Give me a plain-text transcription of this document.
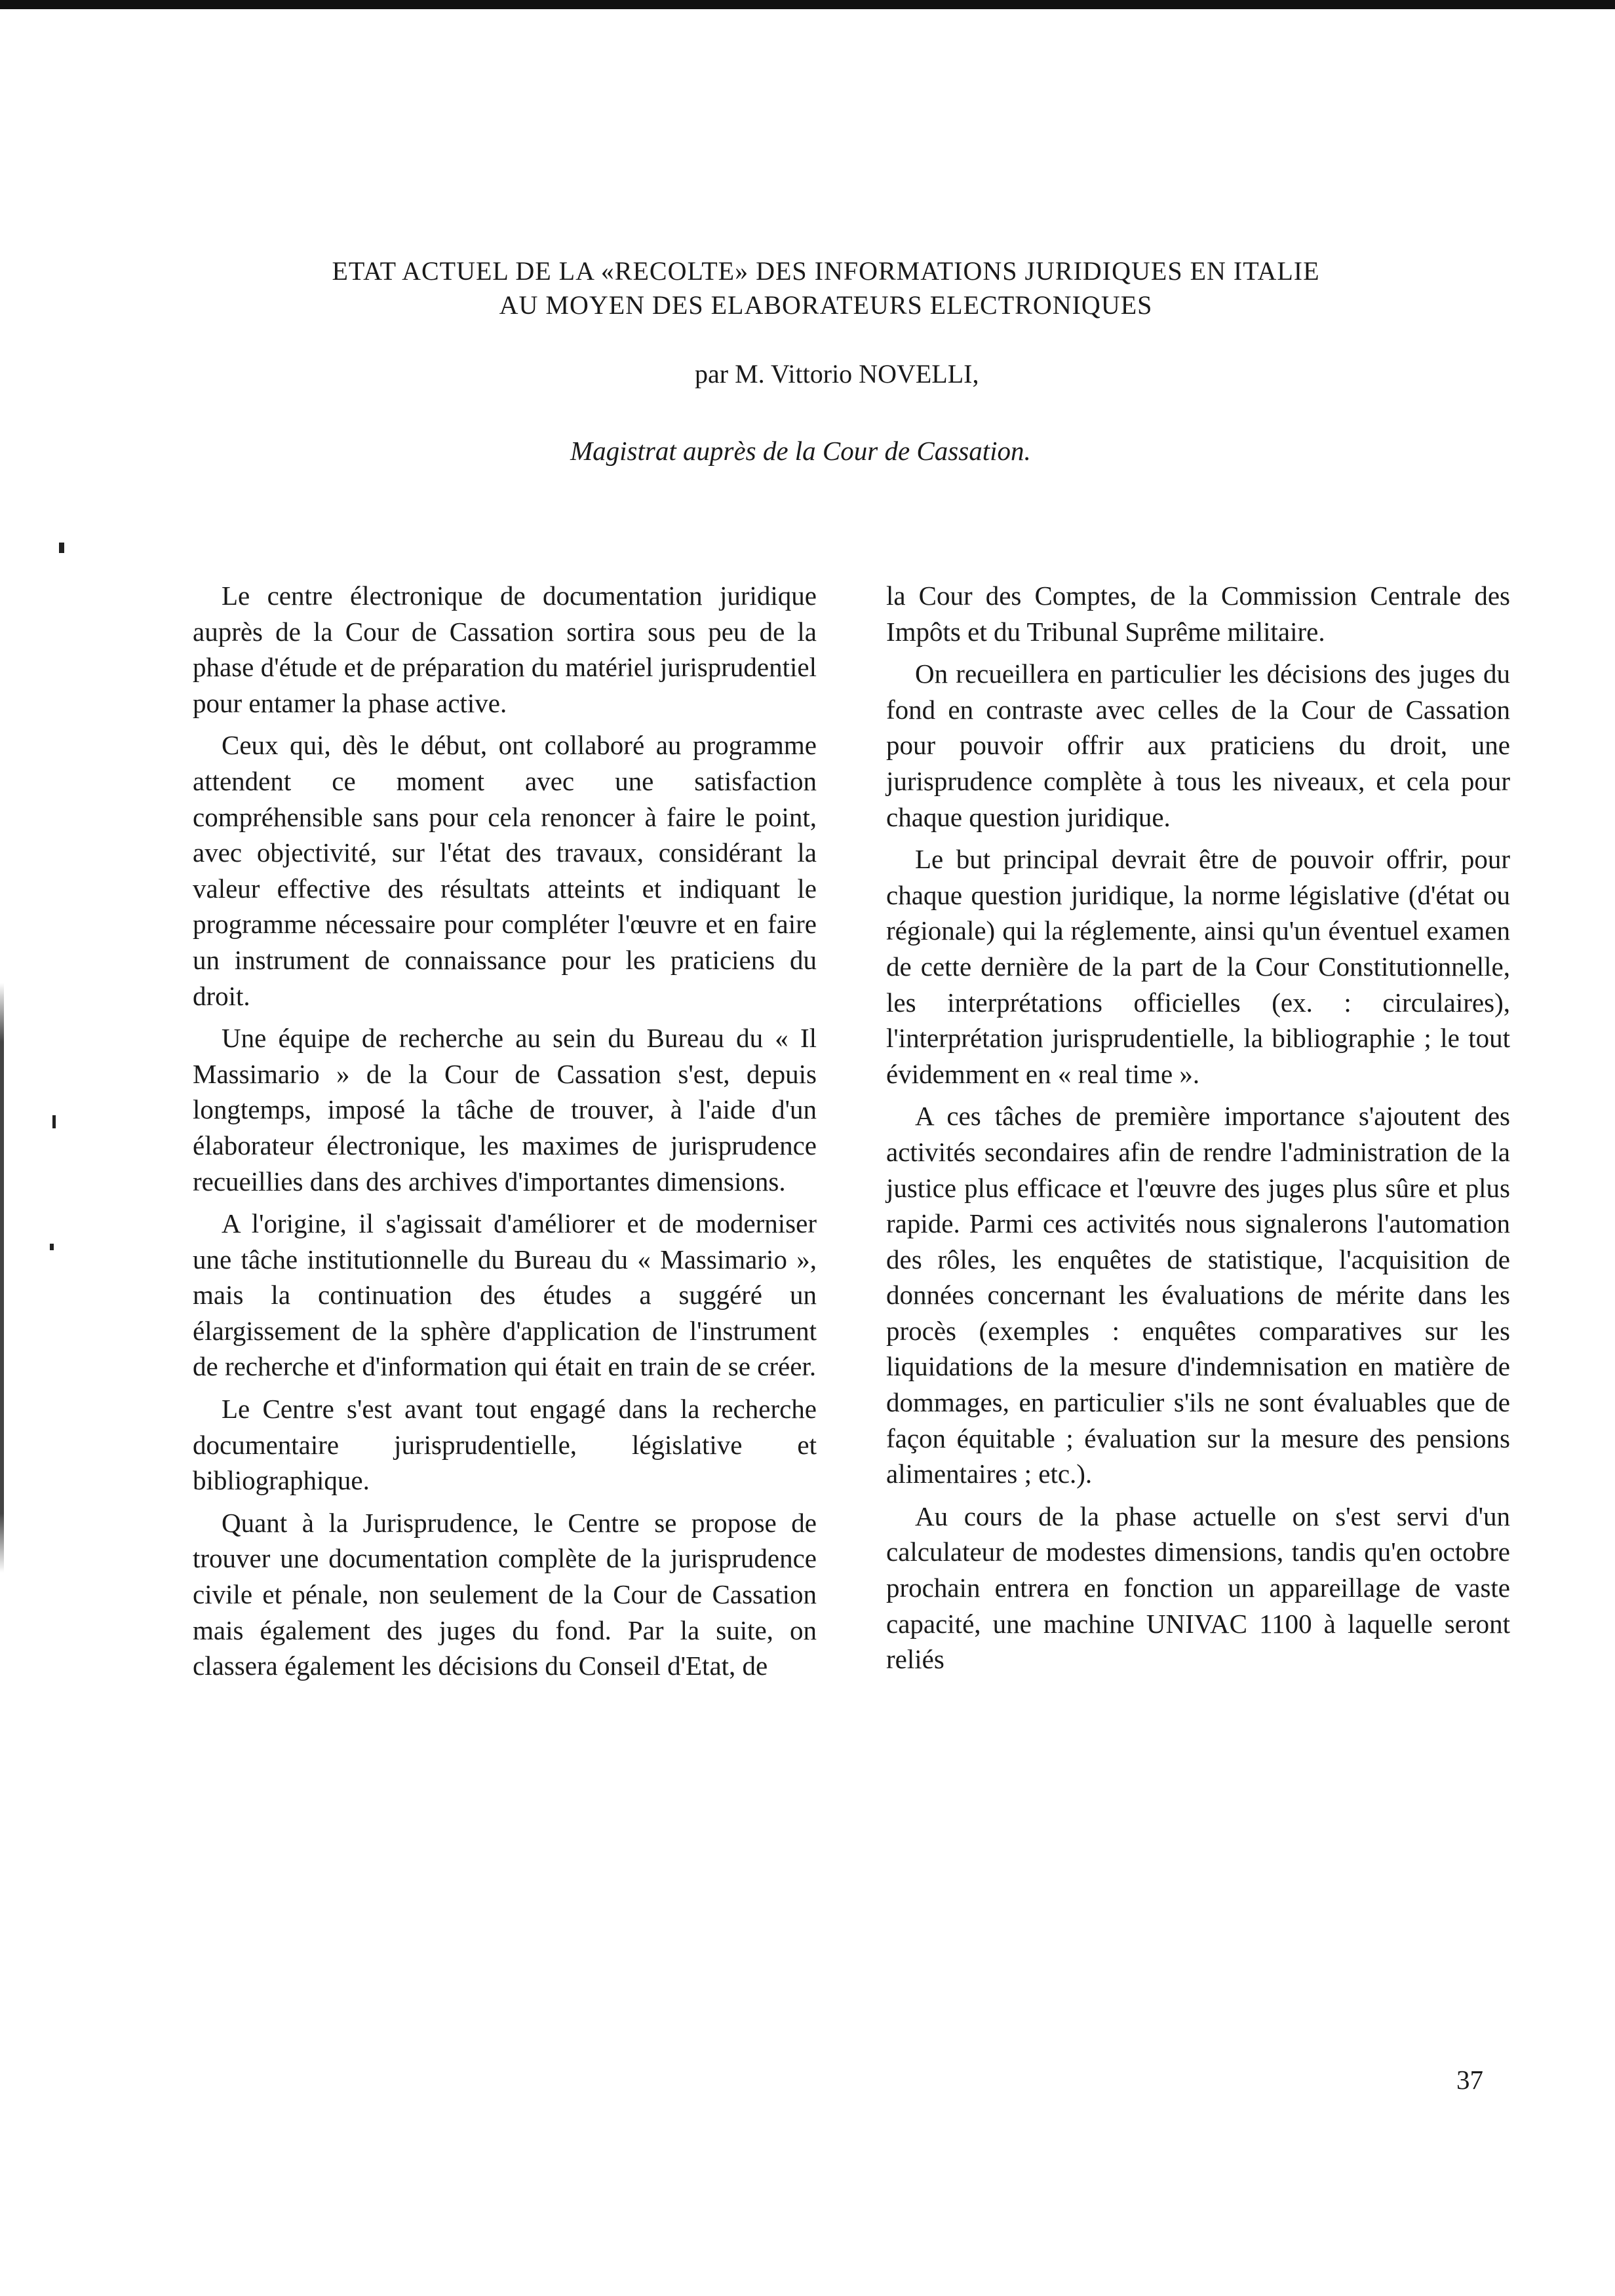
ETAT ACTUEL DE LA «RECOLTE» DES INFORMATIONS JURIDIQUES EN ITALIE
AU MOYEN DES ELABORATEURS ELECTRONIQUES

par M. Vittorio NOVELLI,

Magistrat auprès de la Cour de Cassation.

Le centre électronique de documentation juridique auprès de la Cour de Cassation sortira sous peu de la phase d'étude et de préparation du matériel jurisprudentiel pour entamer la phase active.

Ceux qui, dès le début, ont collaboré au programme attendent ce moment avec une satisfaction compréhensible sans pour cela renoncer à faire le point, avec objectivité, sur l'état des travaux, considérant la valeur effective des résultats atteints et indiquant le programme nécessaire pour compléter l'œuvre et en faire un instrument de connaissance pour les praticiens du droit.

Une équipe de recherche au sein du Bureau du « Il Massimario » de la Cour de Cassation s'est, depuis longtemps, imposé la tâche de trouver, à l'aide d'un élaborateur électronique, les maximes de jurisprudence recueillies dans des archives d'importantes dimensions.

A l'origine, il s'agissait d'améliorer et de moderniser une tâche institutionnelle du Bureau du « Massimario », mais la continuation des études a suggéré un élargissement de la sphère d'application de l'instrument de recherche et d'information qui était en train de se créer.

Le Centre s'est avant tout engagé dans la recherche documentaire jurisprudentielle, législative et bibliographique.

Quant à la Jurisprudence, le Centre se propose de trouver une documentation complète de la jurisprudence civile et pénale, non seulement de la Cour de Cassation mais également des juges du fond. Par la suite, on classera également les décisions du Conseil d'Etat, de

la Cour des Comptes, de la Commission Centrale des Impôts et du Tribunal Suprême militaire.

On recueillera en particulier les décisions des juges du fond en contraste avec celles de la Cour de Cassation pour pouvoir offrir aux praticiens du droit, une jurisprudence complète à tous les niveaux, et cela pour chaque question juridique.

Le but principal devrait être de pouvoir offrir, pour chaque question juridique, la norme législative (d'état ou régionale) qui la réglemente, ainsi qu'un éventuel examen de cette dernière de la part de la Cour Constitutionnelle, les interprétations officielles (ex. : circulaires), l'interprétation jurisprudentielle, la bibliographie ; le tout évidemment en « real time ».

A ces tâches de première importance s'ajoutent des activités secondaires afin de rendre l'administration de la justice plus efficace et l'œuvre des juges plus sûre et plus rapide. Parmi ces activités nous signalerons l'automation des rôles, les enquêtes de statistique, l'acquisition de données concernant les évaluations de mérite dans les procès (exemples : enquêtes comparatives sur les liquidations de la mesure d'indemnisation en matière de dommages, en particulier s'ils ne sont évaluables que de façon équitable ; évaluation sur la mesure des pensions alimentaires ; etc.).

Au cours de la phase actuelle on s'est servi d'un calculateur de modestes dimensions, tandis qu'en octobre prochain entrera en fonction un appareillage de vaste capacité, une machine UNIVAC 1100 à laquelle seront reliés

37
